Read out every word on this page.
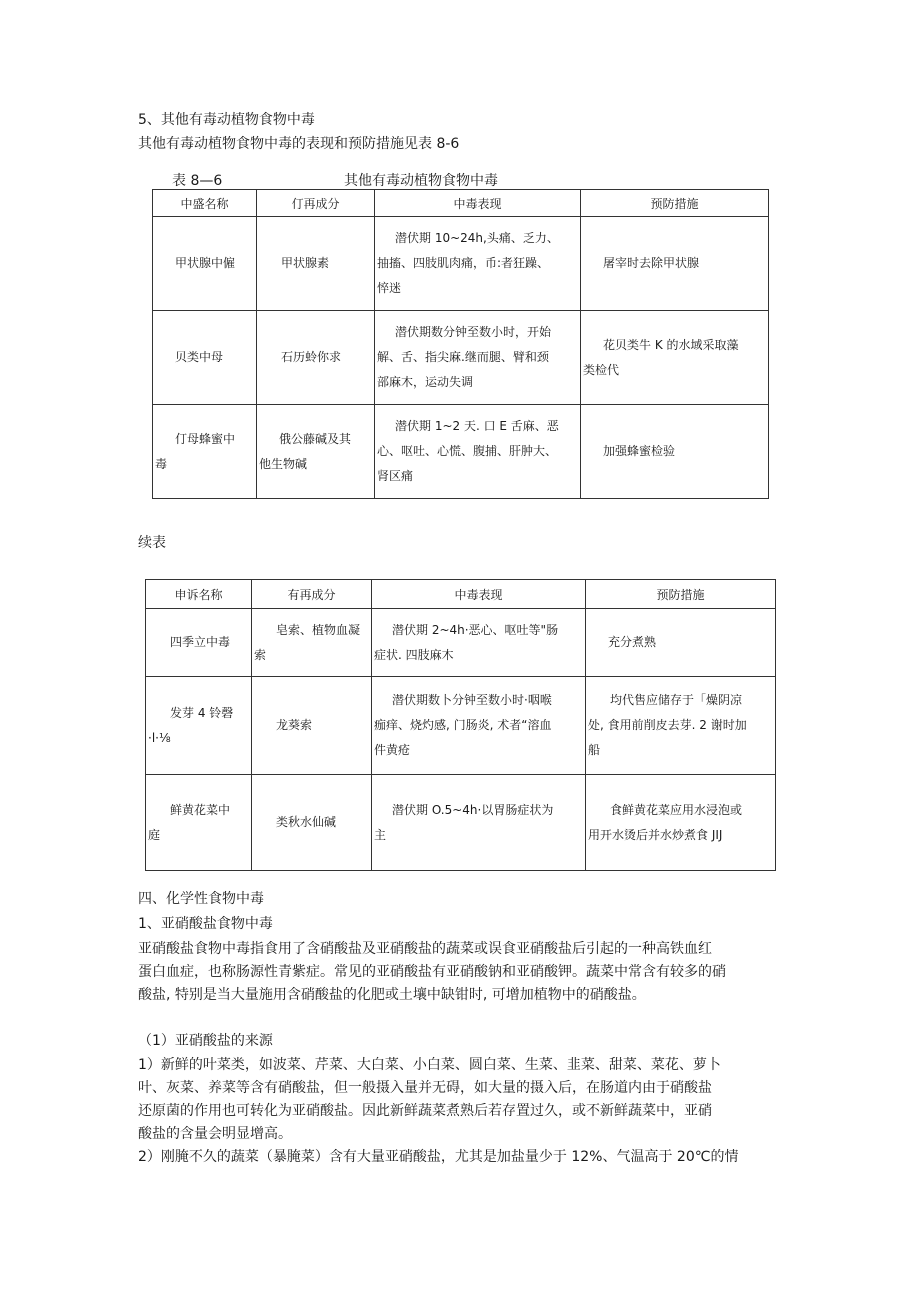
5、其他有毒动植物食物中毒
其他有毒动植物食物中毒的表现和预防措施见表 8-6
表 8—6	其他有毒动植物食物中毒
中盛名称	仃再成分	中毒表现	预防措施

甲状腺中僱	甲状腺素	潜伏期 10~24h,头痛、乏力、
抽搐、四肢肌肉痛，币:者狂躁、
悴迷	屠宰时去除甲状腺

贝类中母	石历蛉你求	潜伏期数分钟至数小时，开始
解、舌、指尖麻.继而腿、臂和颈
部麻木，运动失调	花贝类牛 K 的水域采取藻
类检代

仃母蜂蜜中
毒	俄公藤碱及其
他生物碱	潜伏期 1~2 天. 口 E 舌麻、恶
心、呕吐、心慌、腹捕、肝肿大、
肾区痛	加强蜂蜜检验
续表
申诉名称	有再成分	中毒表现	预防措施

四季立中毒	皂索、植物血凝
索	潜伏期 2~4h·恶心、呕吐等"肠
症状. 四肢麻木	充分煮熟

发芽 4 铃磬
·l·⅛	龙葵索	潜伏期数卜分钟至数小时·咽喉
痂痒、烧灼感, 门肠炎, 术者“溶血
件黄疮	均代售应储存于「燥阴凉
处, 食用前削皮去芽. 2 谢时加
船

鲜黄花菜中
庭	类秋水仙碱	潜伏期 O.5~4h·以胃肠症状为
主	食鲜黄花菜应用水浸泡或
用开水烫后并水炒煮食 JIJ
四、化学性食物中毒
1、亚硝酸盐食物中毒
亚硝酸盐食物中毒指食用了含硝酸盐及亚硝酸盐的蔬菜或误食亚硝酸盐后引起的一种高铁血红
蛋白血症，也称肠源性青紫症。常见的亚硝酸盐有亚硝酸钠和亚硝酸钾。蔬菜中常含有较多的硝
酸盐, 特别是当大量施用含硝酸盐的化肥或土壤中缺钳时, 可增加植物中的硝酸盐。
（1）亚硝酸盐的来源
1）新鲜的叶菜类，如波菜、芹菜、大白菜、小白菜、圆白菜、生菜、韭菜、甜菜、菜花、萝卜
叶、灰菜、养菜等含有硝酸盐，但一般摄入量并无碍，如大量的摄入后，在肠道内由于硝酸盐
还原菌的作用也可转化为亚硝酸盐。因此新鲜蔬菜煮熟后若存置过久，或不新鲜蔬菜中，亚硝
酸盐的含量会明显增高。
2）刚腌不久的蔬菜（暴腌菜）含有大量亚硝酸盐，尤其是加盐量少于 12%、气温高于 20℃的情
